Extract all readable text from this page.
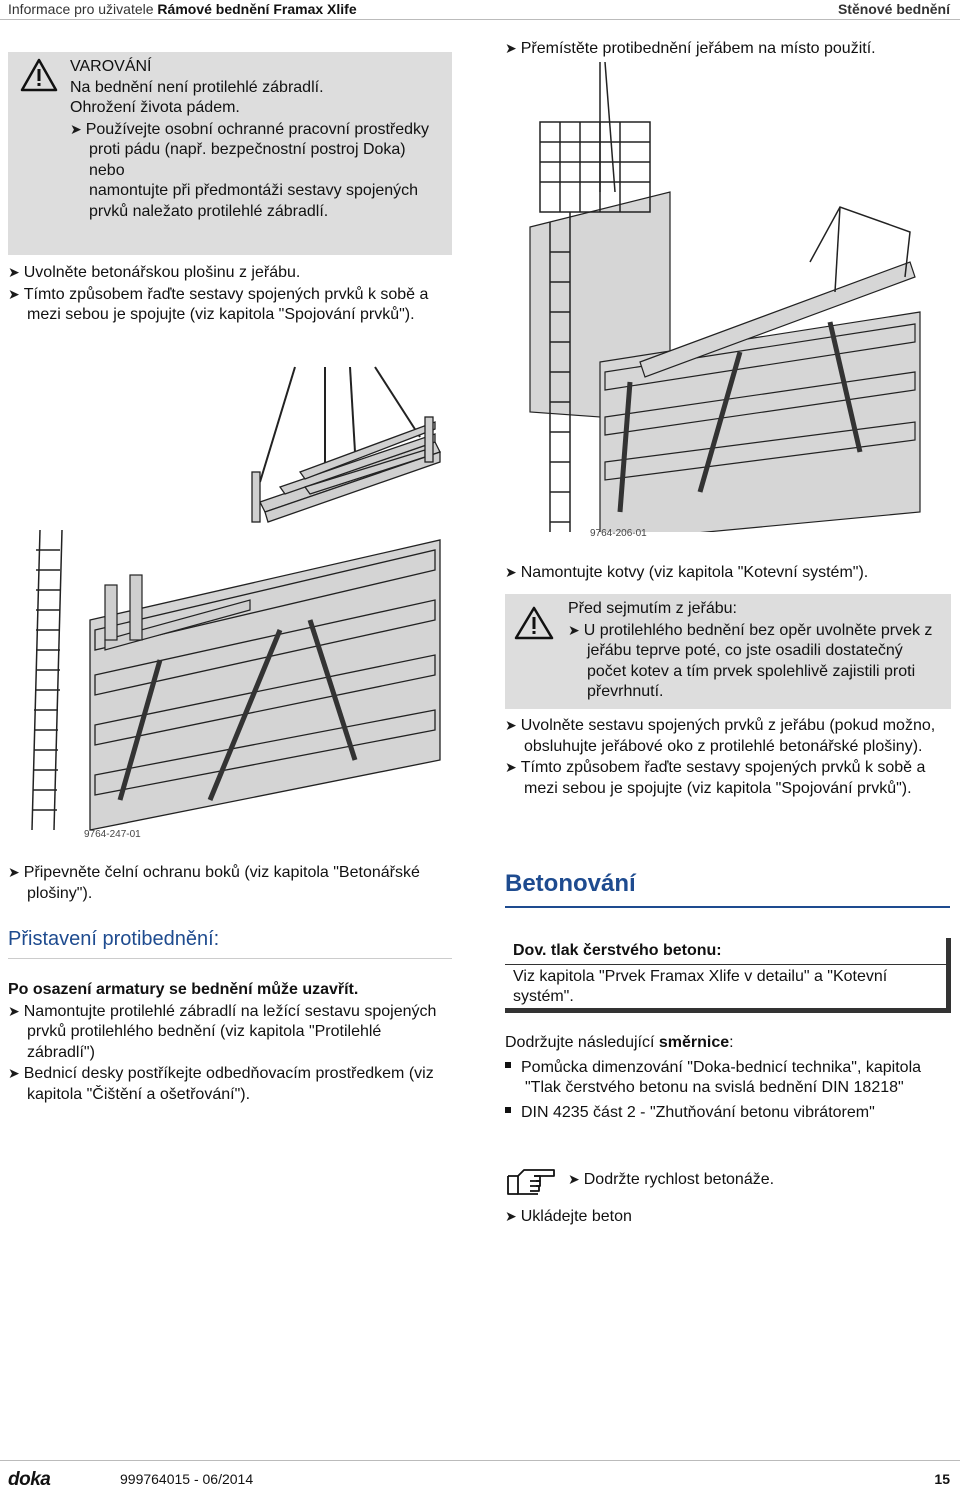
Informace pro uživatele Rámové bednění Framax Xlife	Stěnové bednění
VAROVÁNÍ
Na bednění není protilehlé zábradlí.
Ohrožení života pádem.
➤ Používejte osobní ochranné pracovní prostředky proti pádu (např. bezpečnostní postroj Doka)
nebo
namontujte při předmontáži sestavy spojených prvků naležato protilehlé zábradlí.
➤ Uvolněte betonářskou plošinu z jeřábu.
➤ Tímto způsobem řaďte sestavy spojených prvků k sobě a mezi sebou je spojujte (viz kapitola "Spojování prvků").
9764-247-01
➤ Připevněte čelní ochranu boků (viz kapitola "Betonářské plošiny").
Přistavení protibednění:
Po osazení armatury se bednění může uzavřít.
➤ Namontujte protilehlé zábradlí na ležící sestavu spojených prvků protilehlého bednění (viz kapitola "Protilehlé zábradlí")
➤ Bednicí desky postříkejte odbedňovacím prostředkem (viz kapitola "Čištění a ošetřování").
➤ Přemístěte protibednění jeřábem na místo použití.
9764-206-01
➤ Namontujte kotvy (viz kapitola "Kotevní systém").
Před sejmutím z jeřábu:
➤ U protilehlého bednění bez opěr uvolněte prvek z jeřábu teprve poté, co jste osadili dostatečný počet kotev a tím prvek spolehlivě zajistili proti převrhnutí.
➤ Uvolněte sestavu spojených prvků z jeřábu (pokud možno, obsluhujte jeřábové oko z protilehlé betonářské plošiny).
➤ Tímto způsobem řaďte sestavy spojených prvků k sobě a mezi sebou je spojujte (viz kapitola "Spojování prvků").
Betonování
Dov. tlak čerstvého betonu:
Viz kapitola "Prvek Framax Xlife v detailu" a "Kotevní systém".
Dodržujte následující směrnice:
Pomůcka dimenzování "Doka-bednicí technika", kapitola "Tlak čerstvého betonu na svislá bednění DIN 18218"
DIN 4235 část 2 - "Zhutňování betonu vibrátorem"
➤ Dodržte rychlost betonáže.
➤ Ukládejte beton
doka	999764015 - 06/2014	15
